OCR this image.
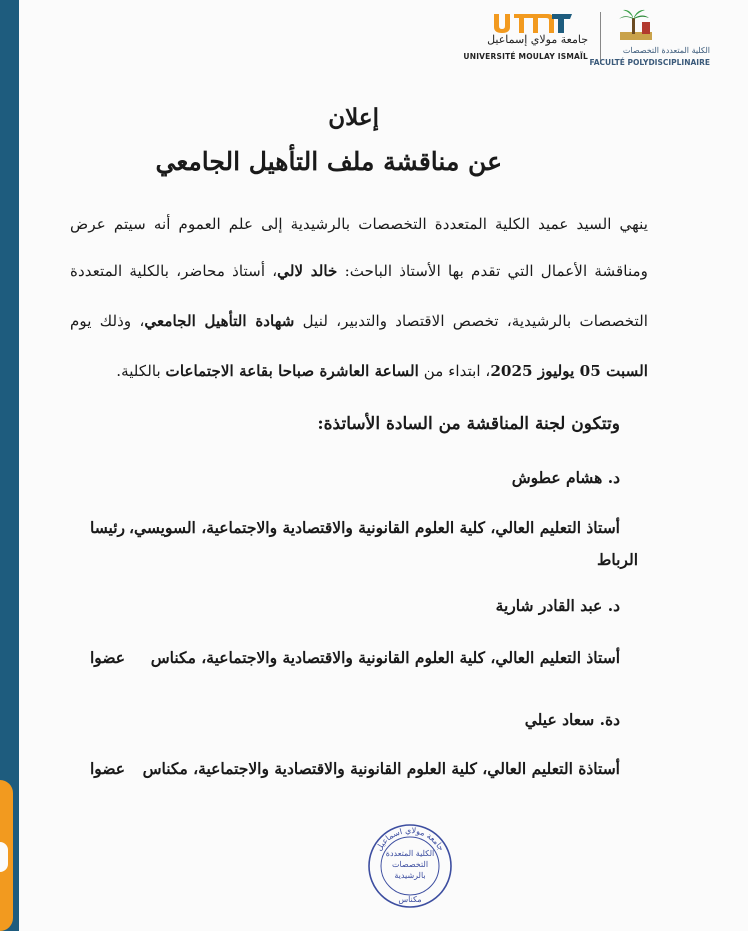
جامعة مولاي إسماعيل
UNIVERSITÉ MOULAY ISMAÏL
الكلية المتعددة التخصصات
FACULTÉ POLYDISCIPLINAIRE
إعلان
عن مناقشة ملف التأهيل الجامعي
ينهي السيد عميد الكلية المتعددة التخصصات بالرشيدية إلى علم العموم أنه سيتم عرض
ومناقشة الأعمال التي تقدم بها الأستاذ الباحث: خالد لالي، أستاذ محاضر، بالكلية المتعددة
التخصصات بالرشيدية، تخصص الاقتصاد والتدبير، لنيل شهادة التأهيل الجامعي، وذلك يوم
السبت 05 يوليوز 2025، ابتداء من الساعة العاشرة صباحا بقاعة الاجتماعات بالكلية.
وتتكون لجنة المناقشة من السادة الأساتذة:
د. هشام عطوش
أستاذ التعليم العالي، كلية العلوم القانونية والاقتصادية والاجتماعية، السويسي،
رئيسا
الرباط
د. عبد القادر شارية
أستاذ التعليم العالي، كلية العلوم القانونية والاقتصادية والاجتماعية، مكناس
عضوا
دة. سعاد عيلي
أستاذة التعليم العالي، كلية العلوم القانونية والاقتصادية والاجتماعية، مكناس
عضوا
جامعة مولاي اسماعيل
الكلية المتعددة
التخصصات
بالرشيدية
مكناس
